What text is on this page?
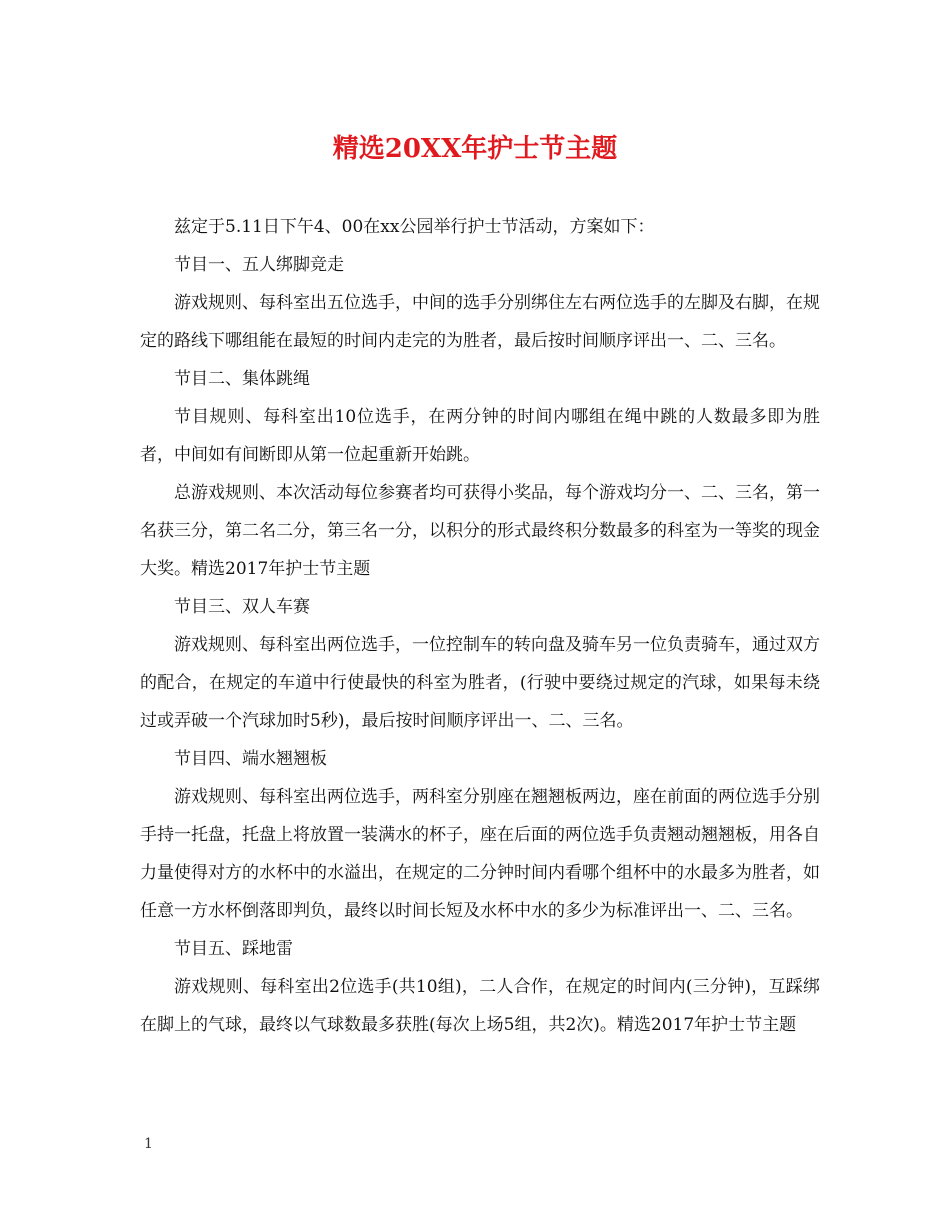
精选20XX年护士节主题

兹定于5.11日下午4、00在xx公园举行护士节活动，方案如下：

节目一、五人绑脚竞走

游戏规则、每科室出五位选手，中间的选手分别绑住左右两位选手的左脚及右脚，在规定的路线下哪组能在最短的时间内走完的为胜者，最后按时间顺序评出一、二、三名。

节目二、集体跳绳

节目规则、每科室出10位选手，在两分钟的时间内哪组在绳中跳的人数最多即为胜者，中间如有间断即从第一位起重新开始跳。

总游戏规则、本次活动每位参赛者均可获得小奖品，每个游戏均分一、二、三名，第一名获三分，第二名二分，第三名一分，以积分的形式最终积分数最多的科室为一等奖的现金大奖。精选2017年护士节主题

节目三、双人车赛

游戏规则、每科室出两位选手，一位控制车的转向盘及骑车另一位负责骑车，通过双方的配合，在规定的车道中行使最快的科室为胜者，(行驶中要绕过规定的汽球，如果每未绕过或弄破一个汽球加时5秒)，最后按时间顺序评出一、二、三名。

节目四、端水翘翘板

游戏规则、每科室出两位选手，两科室分别座在翘翘板两边，座在前面的两位选手分别手持一托盘，托盘上将放置一装满水的杯子，座在后面的两位选手负责翘动翘翘板，用各自力量使得对方的水杯中的水溢出，在规定的二分钟时间内看哪个组杯中的水最多为胜者，如任意一方水杯倒落即判负，最终以时间长短及水杯中水的多少为标准评出一、二、三名。

节目五、踩地雷

游戏规则、每科室出2位选手(共10组)，二人合作，在规定的时间内(三分钟)，互踩绑在脚上的气球，最终以气球数最多获胜(每次上场5组，共2次)。精选2017年护士节主题

1
